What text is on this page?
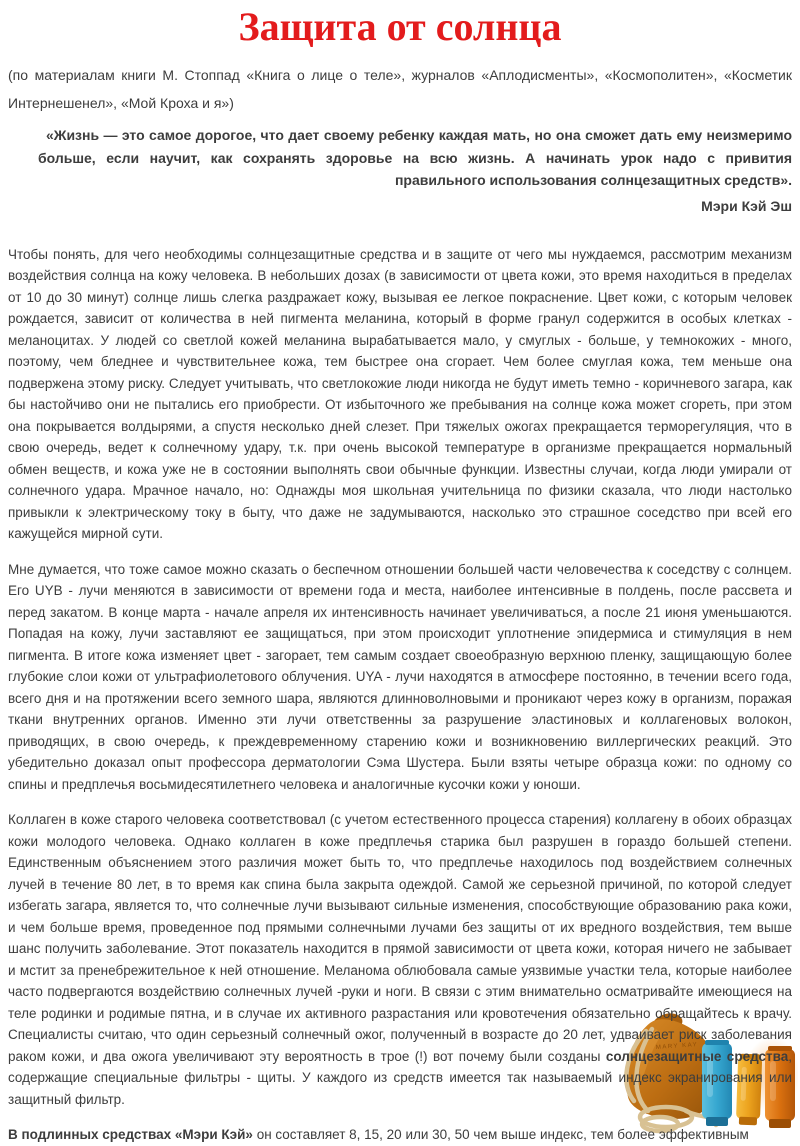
MARY KAY
Защита от солнца
(по материалам книги М. Стоппад «Книга о лице о теле», журналов «Аплодисменты», «Космополитен», «Косметик Интернешенел», «Мой Кроха и я»)
«Жизнь — это самое дорогое, что дает своему ребенку каждая мать, но она сможет дать ему неизмеримо больше, если научит, как сохранять здоровье на всю жизнь. А начинать урок надо с привития правильного использования солнцезащитных средств».
Мэри Кэй Эш

Чтобы понять, для чего необходимы солнцезащитные средства и в защите от чего мы нуждаемся, рассмотрим механизм воздействия солнца на кожу человека. В небольших дозах (в зависимости от цвета кожи, это время находиться в пределах от 10 до 30 минут) солнце лишь слегка раздражает кожу, вызывая ее легкое покраснение. Цвет кожи, с которым человек рождается, зависит от количества в ней пигмента меланина, который в форме гранул содержится в особых клетках - меланоцитах. У людей со светлой кожей меланина вырабатывается мало, у смуглых - больше, у темнокожих - много, поэтому, чем бледнее и чувствительнее кожа, тем быстрее она сгорает. Чем более смуглая кожа, тем меньше она подвержена этому риску. Следует учитывать, что светлокожие люди никогда не будут иметь темно - коричневого загара, как бы настойчиво они не пытались его приобрести. От избыточного же пребывания на солнце кожа может сгореть, при этом она покрывается волдырями, а спустя несколько дней слезет. При тяжелых ожогах прекращается терморегуляция, что в свою очередь, ведет к солнечному удару, т.к. при очень высокой температуре в организме прекращается нормальный обмен веществ, и кожа уже не в состоянии выполнять свои обычные функции. Известны случаи, когда люди умирали от солнечного удара. Мрачное начало, но: Однажды моя школьная учительница по физики сказала, что люди настолько привыкли к электрическому току в быту, что даже не задумываются, насколько это страшное соседство при всей его кажущейся мирной сути.

Мне думается, что тоже самое можно сказать о беспечном отношении большей части человечества к соседству с солнцем. Его UYB - лучи меняются в зависимости от времени года и места, наиболее интенсивные в полдень, после рассвета и перед закатом. В конце марта - начале апреля их интенсивность начинает увеличиваться, а после 21 июня уменьшаются. Попадая на кожу, лучи заставляют ее защищаться, при этом происходит уплотнение эпидермиса и стимуляция в нем пигмента. В итоге кожа изменяет цвет - загорает, тем самым создает своеобразную верхнюю пленку, защищающую более глубокие слои кожи от ультрафиолетового облучения. UYA - лучи находятся в атмосфере постоянно, в течении всего года, всего дня и на протяжении всего земного шара, являются длинноволновыми и проникают через кожу в организм, поражая ткани внутренних органов. Именно эти лучи ответственны за разрушение эластиновых и коллагеновых волокон, приводящих, в свою очередь, к преждевременному старению кожи и возникновению виллергических реакций. Это убедительно доказал опыт профессора дерматологии Сэма Шустера. Были взяты четыре образца кожи: по одному со спины и предплечья восьмидесятилетнего человека и аналогичные кусочки кожи у юноши.

Коллаген в коже старого человека соответствовал (с учетом естественного процесса старения) коллагену в обоих образцах кожи молодого человека. Однако коллаген в коже предплечья старика был разрушен в гораздо большей степени. Единственным объяснением этого различия может быть то, что предплечье находилось под воздействием солнечных лучей в течение 80 лет, в то время как спина была закрыта одеждой. Самой же серьезной причиной, по которой следует избегать загара, является то, что солнечные лучи вызывают сильные изменения, способствующие образованию рака кожи, и чем больше время, проведенное под прямыми солнечными лучами без защиты от их вредного воздействия, тем выше шанс получить заболевание. Этот показатель находится в прямой зависимости от цвета кожи, которая ничего не забывает и мстит за пренебрежительное к ней отношение. Меланома облюбовала самые уязвимые участки тела, которые наиболее часто подвергаются воздействию солнечных лучей -руки и ноги. В связи с этим внимательно осматривайте имеющиеся на теле родинки и родимые пятна, и в случае их активного разрастания или кровотечения обязательно обращайтесь к врачу. Специалисты считаю, что один серьезный солнечный ожог, полученный в возрасте до 20 лет, удваивает риск заболевания раком кожи, и два ожога увеличивают эту вероятность в трое (!) вот почему были созданы солнцезащитные средства, содержащие специальные фильтры - щиты. У каждого из средств имеется так называемый индекс экранирования или защитный фильтр.

В подлинных средствах «Мэри Кэй» он составляет 8, 15, 20 или 30, 50 чем выше индекс, тем более эффективным
